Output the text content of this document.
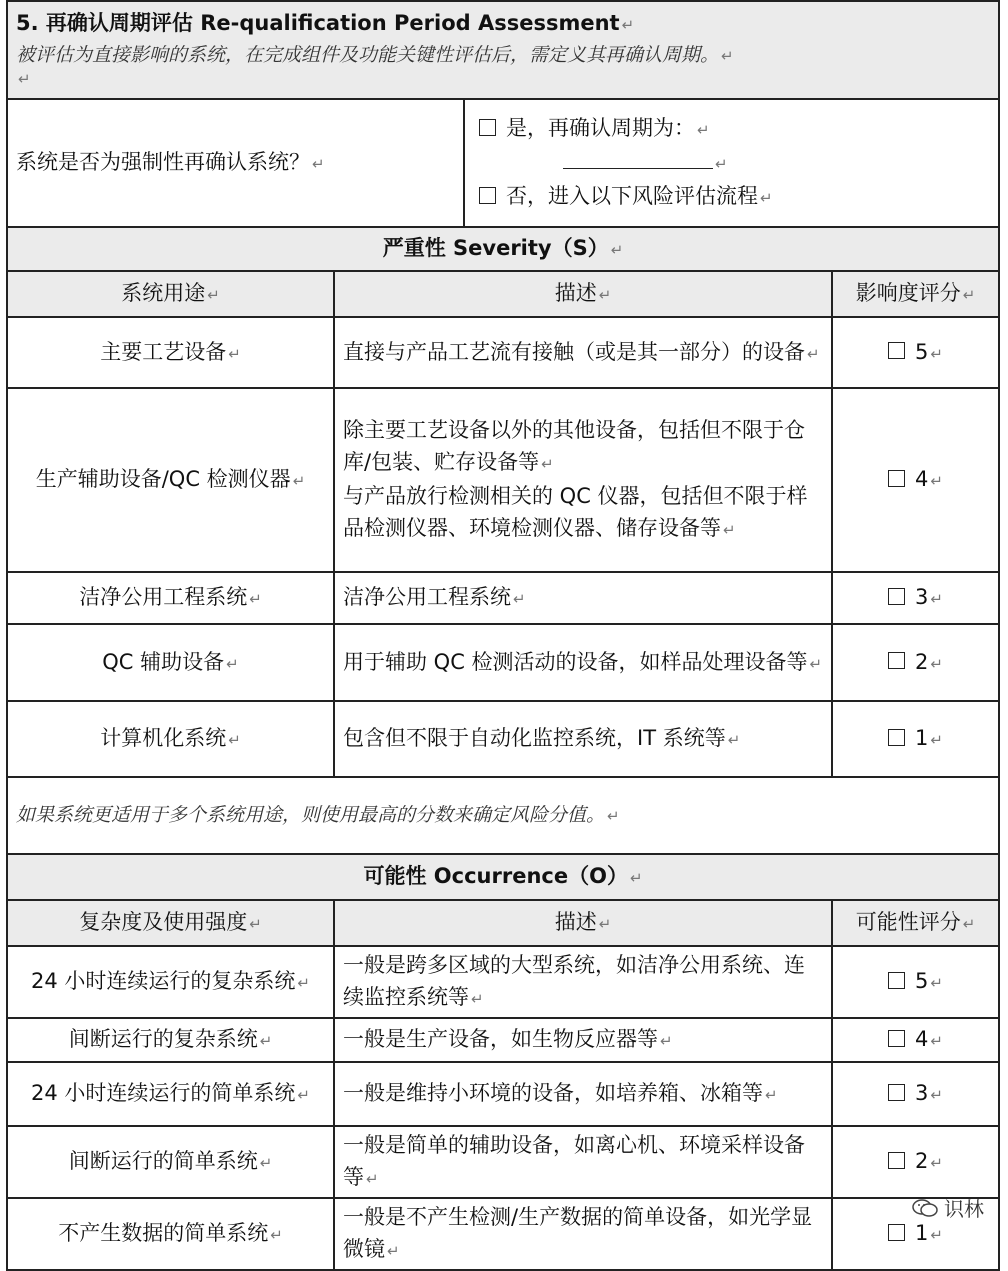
5. 再确认周期评估 Re-qualification Period Assessment ↵
被评估为直接影响的系统，在完成组件及功能关键性评估后，需定义其再确认周期。 ↵
↵			

系统是否为强制性再确认系统？ ↵		是，再确认周期为： ↵
↵
否，进入以下风险评估流程 ↵	

严重性 Severity（S） ↵			
系统用途 ↵	描述 ↵		影响度评分 ↵
主要工艺设备 ↵	直接与产品工艺流有接触（或是其一部分）的设备 ↵		5 ↵
生产辅助设备/QC 检测仪器 ↵	除主要工艺设备以外的其他设备，包括但不限于仓库/包装、贮存设备等 ↵
与产品放行检测相关的 QC 仪器，包括但不限于样品检测仪器、环境检测仪器、储存设备等 ↵		4 ↵
洁净公用工程系统 ↵	洁净公用工程系统 ↵		3 ↵
QC 辅助设备 ↵	用于辅助 QC 检测活动的设备，如样品处理设备等 ↵		2 ↵
计算机化系统 ↵	包含但不限于自动化监控系统，IT 系统等 ↵		1 ↵
如果系统更适用于多个系统用途，则使用最高的分数来确定风险分值。 ↵			
可能性 Occurrence（O） ↵			
复杂度及使用强度 ↵	描述 ↵		可能性评分 ↵
24 小时连续运行的复杂系统 ↵	一般是跨多区域的大型系统，如洁净公用系统、连续监控系统等 ↵		5 ↵
间断运行的复杂系统 ↵	一般是生产设备，如生物反应器等 ↵		4 ↵
24 小时连续运行的简单系统 ↵	一般是维持小环境的设备，如培养箱、冰箱等 ↵		3 ↵
间断运行的简单系统 ↵	一般是简单的辅助设备，如离心机、环境采样设备等 ↵		2 ↵
不产生数据的简单系统 ↵	一般是不产生检测/生产数据的简单设备，如光学显微镜 ↵		1 ↵
识林
